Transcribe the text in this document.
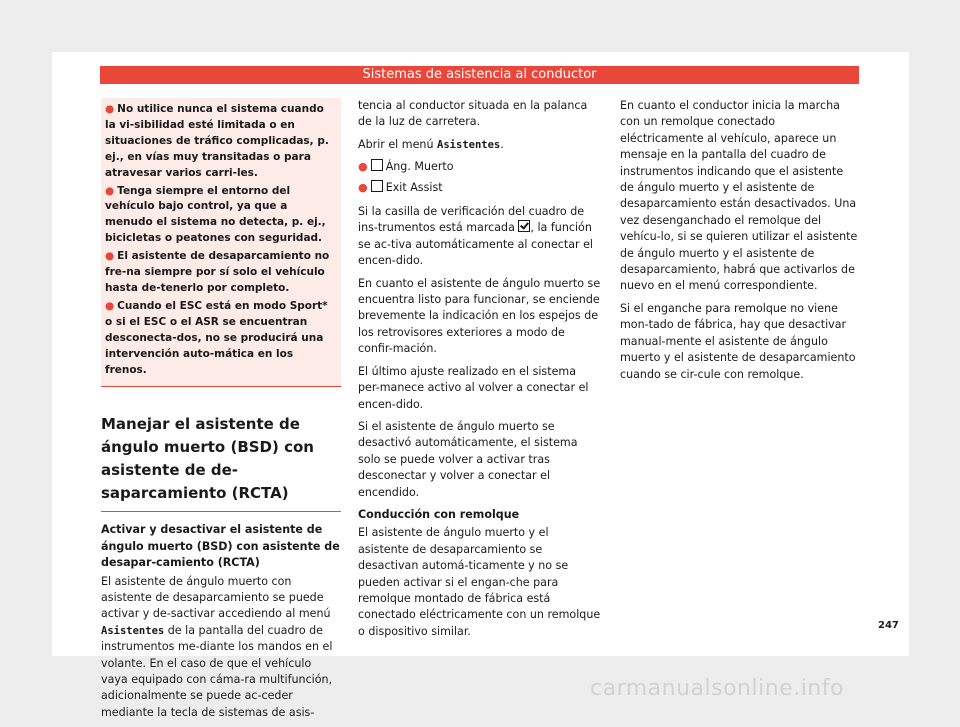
Sistemas de asistencia al conductor

● No utilice nunca el sistema cuando la vi-sibilidad esté limitada o en situaciones de tráfico complicadas, p. ej., en vías muy transitadas o para atravesar varios carri-les.

● Tenga siempre el entorno del vehículo bajo control, ya que a menudo el sistema no detecta, p. ej., bicicletas o peatones con seguridad.

● El asistente de desaparcamiento no fre-na siempre por sí solo el vehículo hasta de-tenerlo por completo.

● Cuando el ESC está en modo Sport* o si el ESC o el ASR se encuentran desconecta-dos, no se producirá una intervención auto-mática en los frenos.

Manejar el asistente de ángulo muerto (BSD) con asistente de de-saparcamiento (RCTA)
Activar y desactivar el asistente de ángulo muerto (BSD) con asistente de desapar-camiento (RCTA)

El asistente de ángulo muerto con asistente de desaparcamiento se puede activar y de-sactivar accediendo al menú Asistentes de la pantalla del cuadro de instrumentos me-diante los mandos en el volante. En el caso de que el vehículo vaya equipado con cáma-ra multifunción, adicionalmente se puede ac-ceder mediante la tecla de sistemas de asis-

tencia al conductor situada en la palanca de la luz de carretera.

Abrir el menú Asistentes.

● Áng. Muerto
● Exit Assist

Si la casilla de verificación del cuadro de ins-trumentos está marcada , la función se ac-tiva automáticamente al conectar el encen-dido.

En cuanto el asistente de ángulo muerto se encuentra listo para funcionar, se enciende brevemente la indicación en los espejos de los retrovisores exteriores a modo de confir-mación.

El último ajuste realizado en el sistema per-manece activo al volver a conectar el encen-dido.

Si el asistente de ángulo muerto se desactivó automáticamente, el sistema solo se puede volver a activar tras desconectar y volver a conectar el encendido.

Conducción con remolque

El asistente de ángulo muerto y el asistente de desaparcamiento se desactivan automá-ticamente y no se pueden activar si el engan-che para remolque montado de fábrica está conectado eléctricamente con un remolque o dispositivo similar.

En cuanto el conductor inicia la marcha con un remolque conectado eléctricamente al vehículo, aparece un mensaje en la pantalla del cuadro de instrumentos indicando que el asistente de ángulo muerto y el asistente de desaparcamiento están desactivados. Una vez desenganchado el remolque del vehícu-lo, si se quieren utilizar el asistente de ángulo muerto y el asistente de desaparcamiento, habrá que activarlos de nuevo en el menú correspondiente.

Si el enganche para remolque no viene mon-tado de fábrica, hay que desactivar manual-mente el asistente de ángulo muerto y el asistente de desaparcamiento cuando se cir-cule con remolque.

247
carmanualsonline.info
